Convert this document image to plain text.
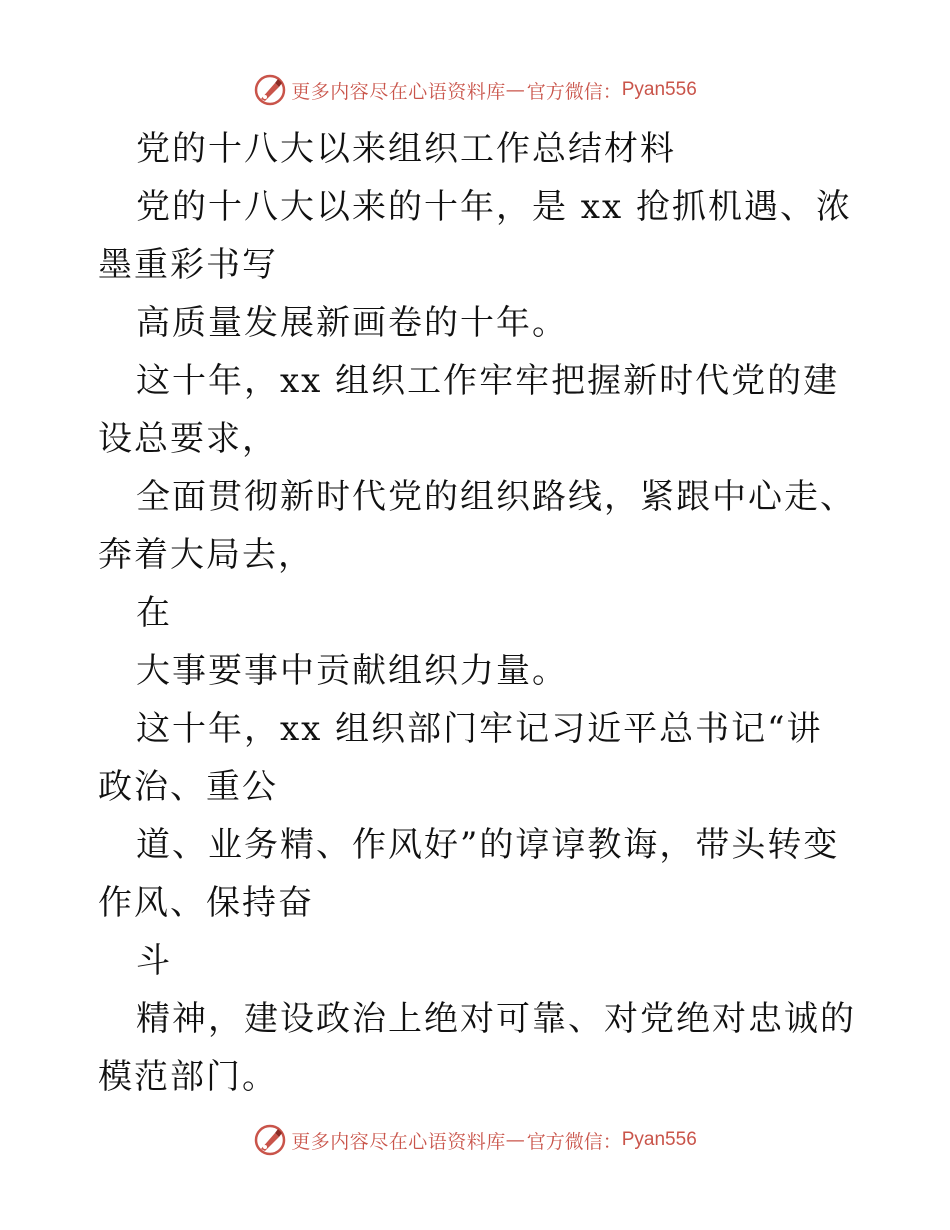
更多内容尽在心语资料库 — 官方微信： Pyan556

党的十八大以来组织工作总结材料

党的十八大以来的十年，是 xx 抢抓机遇、浓墨重彩书写

高质量发展新画卷的十年。

这十年，xx 组织工作牢牢把握新时代党的建设总要求，

全面贯彻新时代党的组织路线，紧跟中心走、奔着大局去，

在

大事要事中贡献组织力量。

这十年，xx 组织部门牢记习近平总书记“讲政治、重公

道、业务精、作风好”的谆谆教诲，带头转变作风、保持奋

斗

精神，建设政治上绝对可靠、对党绝对忠诚的模范部门。

更多内容尽在心语资料库 — 官方微信： Pyan556
